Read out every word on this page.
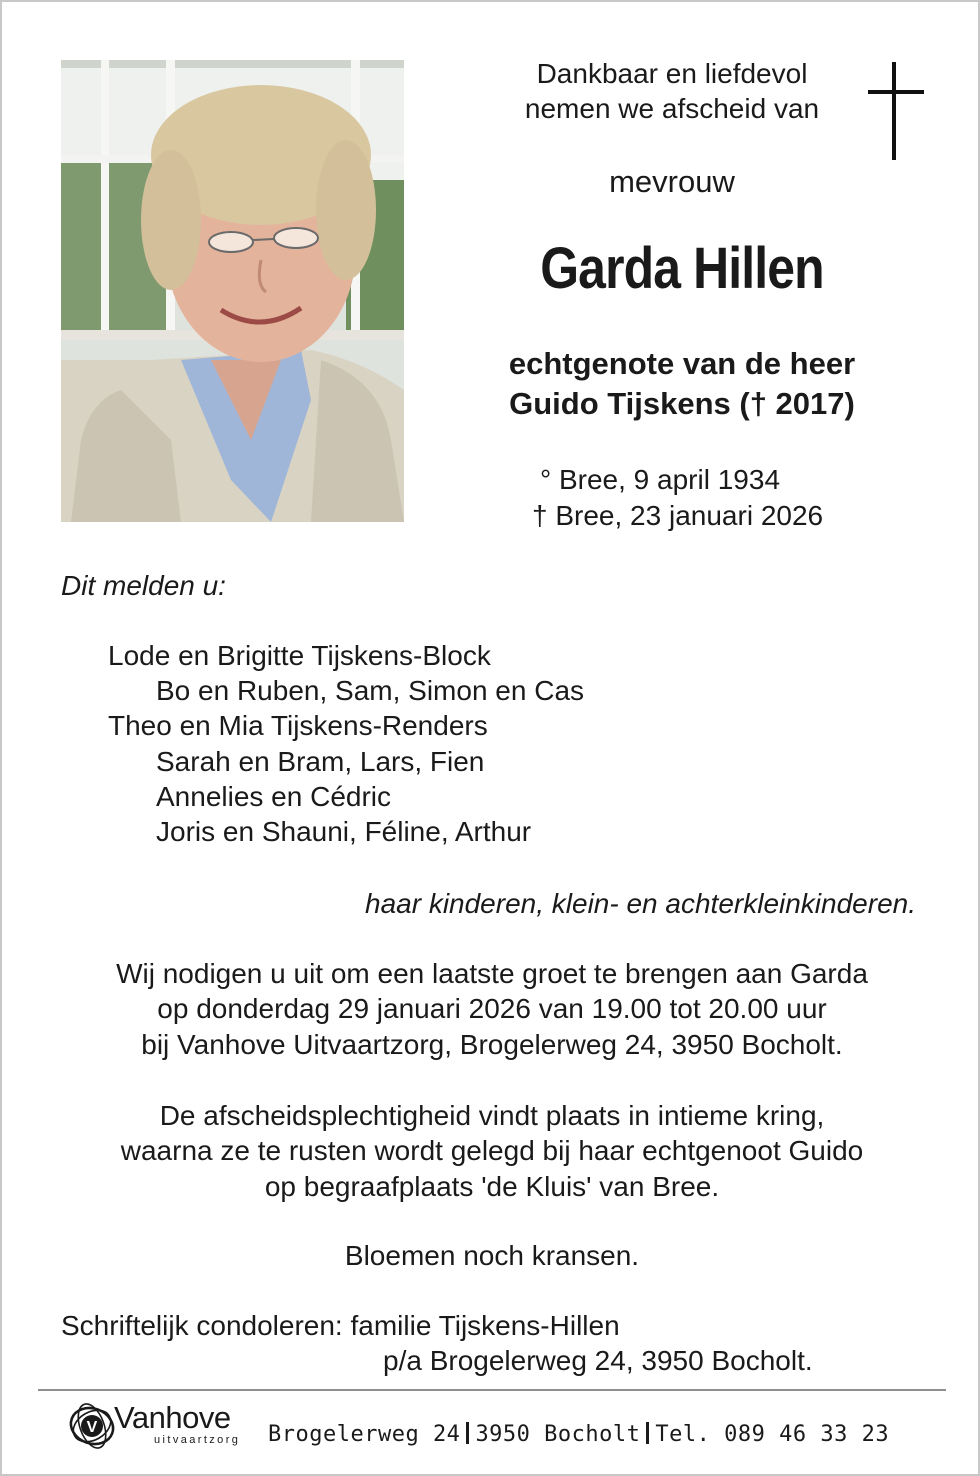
Dankbaar en liefdevol
nemen we afscheid van
mevrouw
Garda Hillen
echtgenote van de heer
Guido Tijskens († 2017)
° Bree, 9 april 1934
† Bree, 23 januari 2026
Dit melden u:
Lode en Brigitte Tijskens-Block
Bo en Ruben, Sam, Simon en Cas
Theo en Mia Tijskens-Renders
Sarah en Bram, Lars, Fien
Annelies en Cédric
Joris en Shauni, Féline, Arthur
haar kinderen, klein- en achterkleinkinderen.
Wij nodigen u uit om een laatste groet te brengen aan Garda
op donderdag 29 januari 2026 van 19.00 tot 20.00 uur
bij Vanhove Uitvaartzorg, Brogelerweg 24, 3950 Bocholt.
De afscheidsplechtigheid vindt plaats in intieme kring,
waarna ze te rusten wordt gelegd bij haar echtgenoot Guido
op begraafplaats 'de Kluis' van Bree.
Bloemen noch kransen.
Schriftelijk condoleren: familie Tijskens-Hillen
p/a Brogelerweg 24, 3950 Bocholt.
V Vanhove
uitvaartzorg Brogelerweg 24 3950 Bocholt Tel. 089 46 33 23
